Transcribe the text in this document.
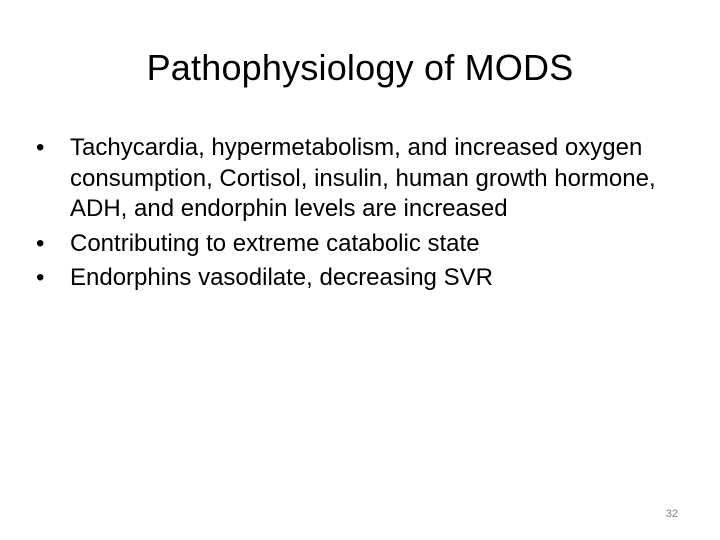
Pathophysiology of MODS
•	Tachycardia, hypermetabolism, and increased oxygen consumption, Cortisol, insulin, human growth hormone, ADH, and endorphin levels are increased
•	Contributing to extreme catabolic state
•	Endorphins vasodilate, decreasing SVR
32
